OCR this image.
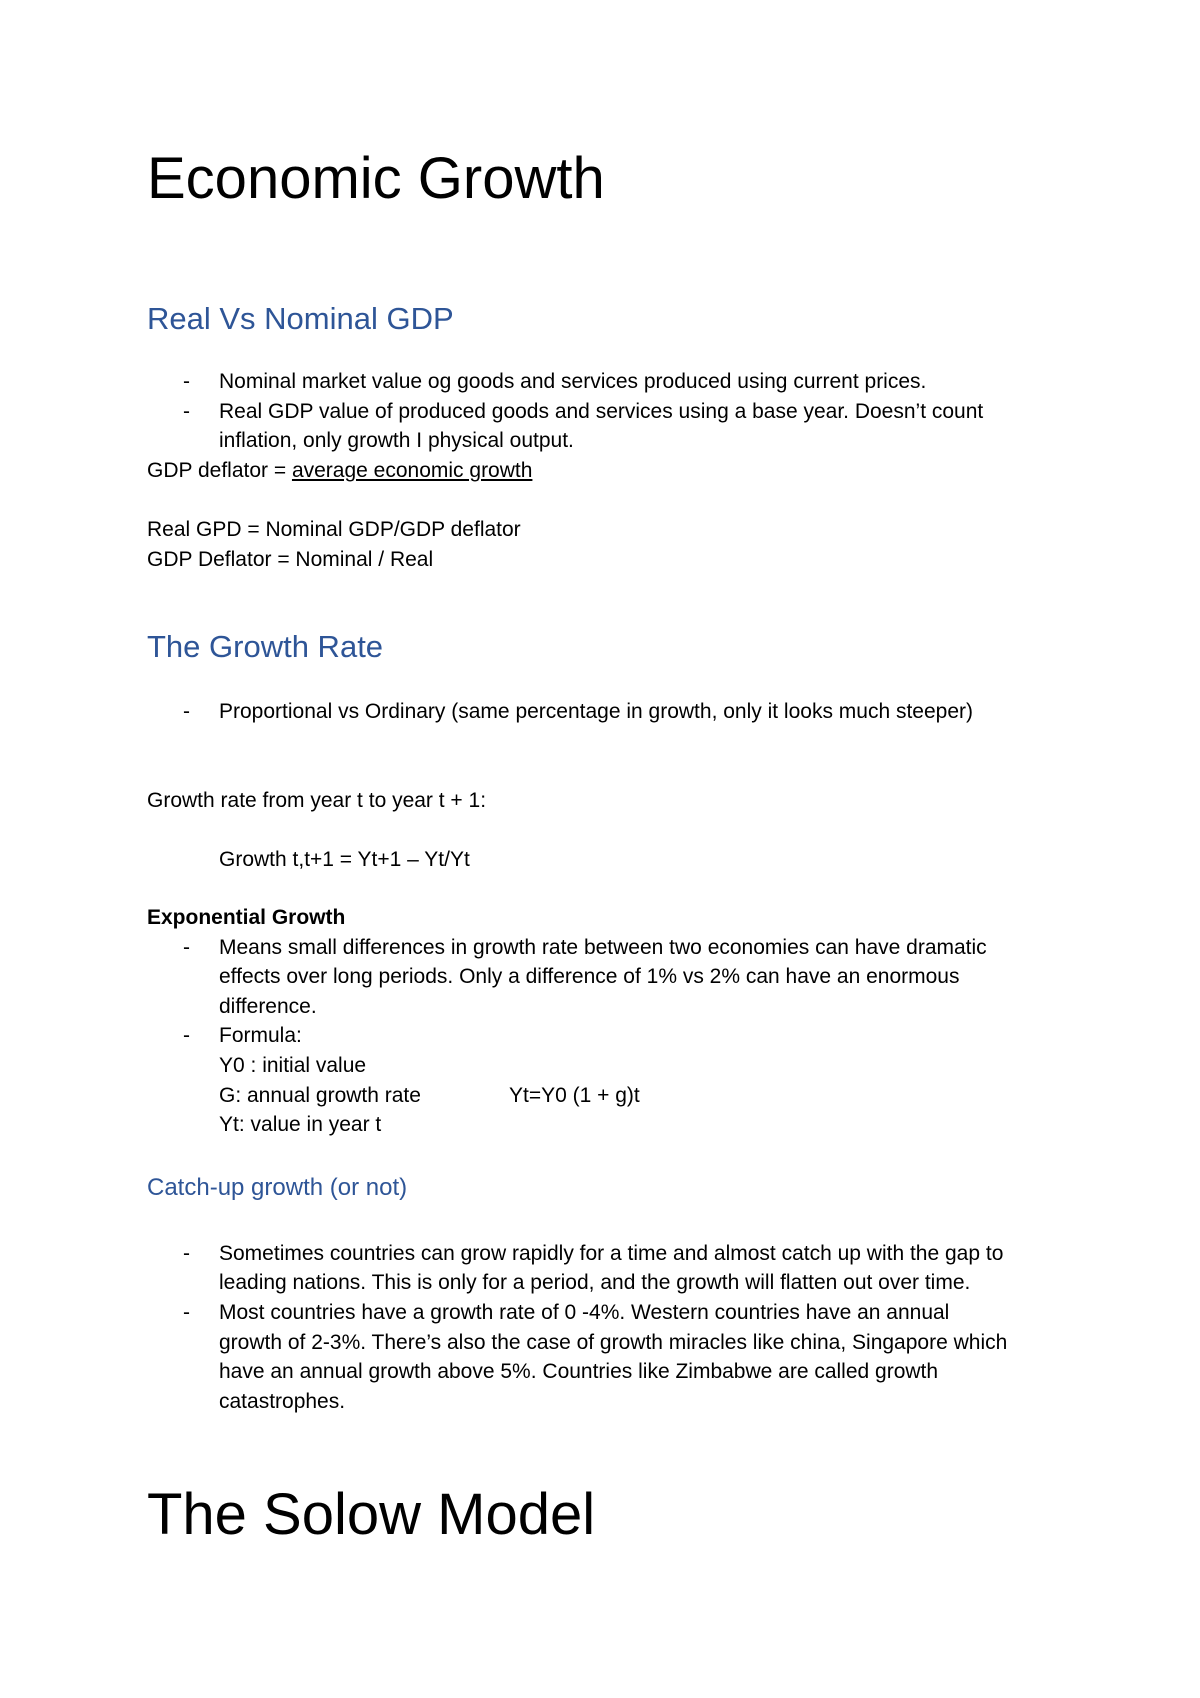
Economic Growth
Real Vs Nominal GDP
- Nominal market value og goods and services produced using current prices.
- Real GDP value of produced goods and services using a base year. Doesn’t count
inflation, only growth I physical output.
GDP deflator = average economic growth
Real GPD = Nominal GDP/GDP deflator
GDP Deflator = Nominal / Real
The Growth Rate
- Proportional vs Ordinary (same percentage in growth, only it looks much steeper)
Growth rate from year t to year t + 1:
Growth t,t+1 = Yt+1 – Yt/Yt
Exponential Growth
- Means small differences in growth rate between two economies can have dramatic
effects over long periods. Only a difference of 1% vs 2% can have an enormous
difference.
- Formula:
Y0 : initial value
G: annual growth rate	Yt=Y0 (1 + g)t
Yt: value in year t
Catch-up growth (or not)
- Sometimes countries can grow rapidly for a time and almost catch up with the gap to
leading nations. This is only for a period, and the growth will flatten out over time.
- Most countries have a growth rate of 0 -4%. Western countries have an annual
growth of 2-3%. There’s also the case of growth miracles like china, Singapore which
have an annual growth above 5%. Countries like Zimbabwe are called growth
catastrophes.
The Solow Model
